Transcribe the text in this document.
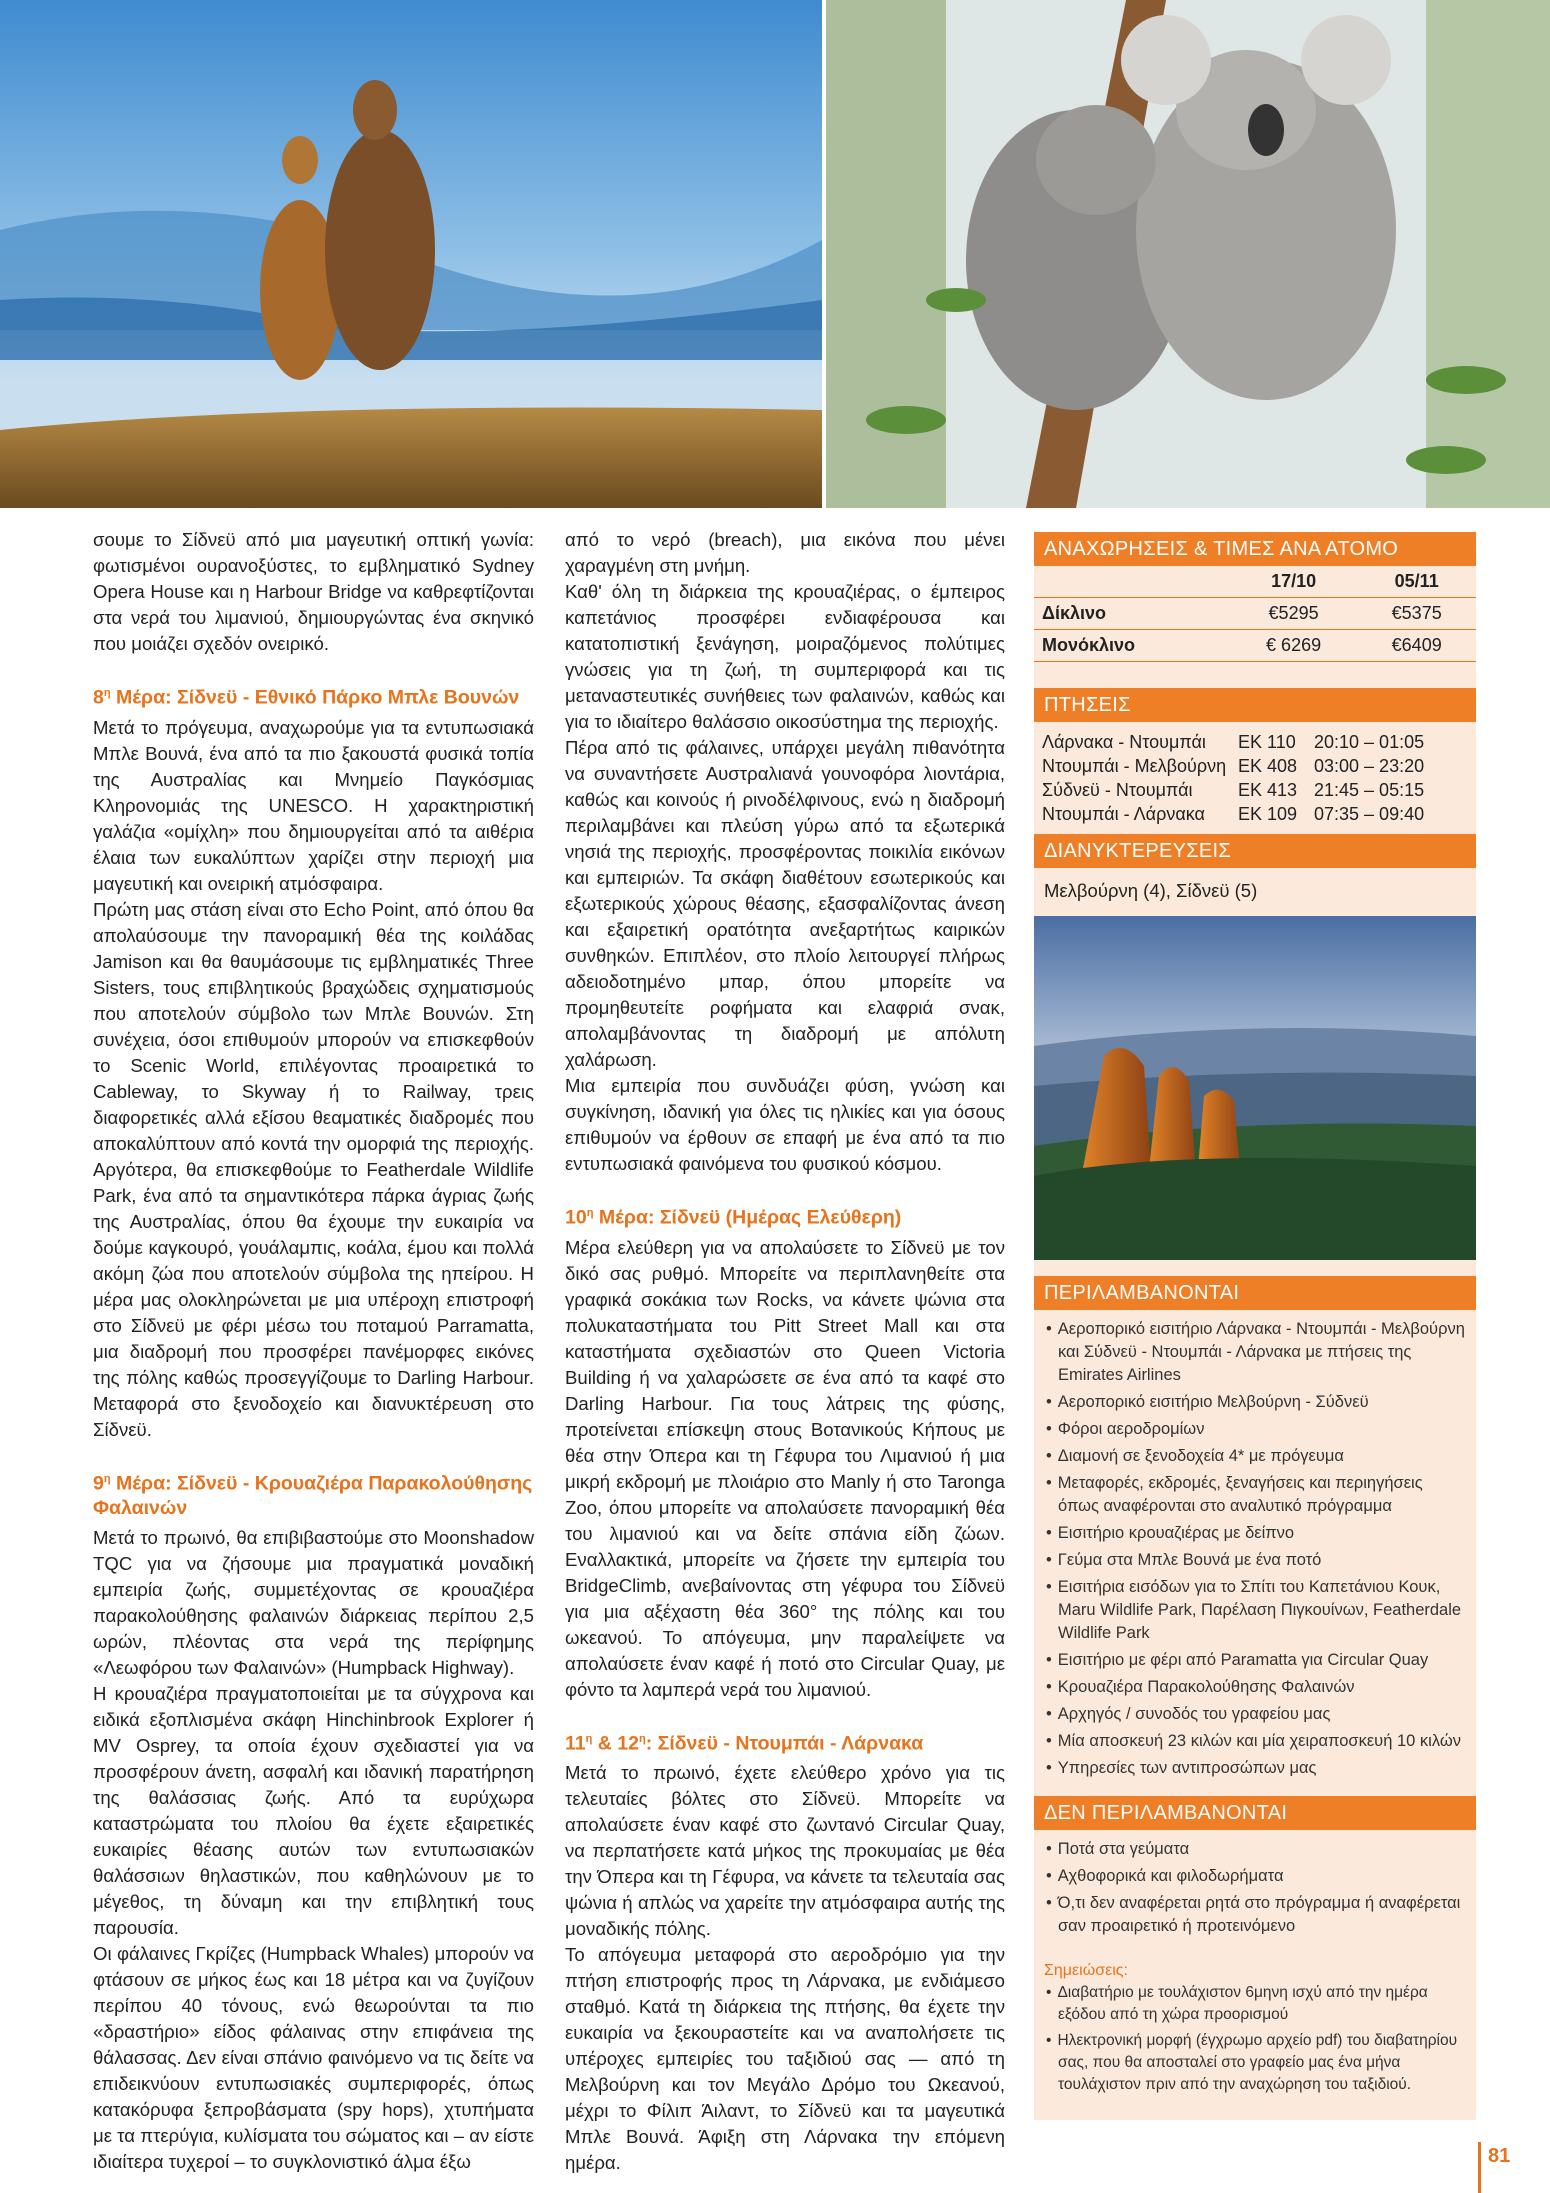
σουμε το Σίδνεϋ από μια μαγευτική οπτική γωνία: φωτισμένοι ουρανοξύστες, το εμβληματικό Sydney Opera House και η Harbour Bridge να καθρεφτίζονται στα νερά του λιμανιού, δημιουργώντας ένα σκηνικό που μοιάζει σχεδόν ονειρικό.

$8^\eta$ Μέρα: Σίδνεϋ - Εθνικό Πάρκο Μπλε Βουνών

Μετά το πρόγευμα, αναχωρούμε για τα εντυπωσιακά Μπλε Βουνά, ένα από τα πιο ξακουστά φυσικά τοπία της Αυστραλίας και Μνημείο Παγκόσμιας Κληρονομιάς της UNESCO. Η χαρακτηριστική γαλάζια «ομίχλη» που δημιουργείται από τα αιθέρια έλαια των ευκαλύπτων χαρίζει στην περιοχή μια μαγευτική και ονειρική ατμόσφαιρα.

Πρώτη μας στάση είναι στο Echo Point, από όπου θα απολαύσουμε την πανοραμική θέα της κοιλάδας Jamison και θα θαυμάσουμε τις εμβληματικές Three Sisters, τους επιβλητικούς βραχώδεις σχηματισμούς που αποτελούν σύμβολο των Μπλε Βουνών. Στη συνέχεια, όσοι επιθυμούν μπορούν να επισκεφθούν το Scenic World, επιλέγοντας προαιρετικά το Cableway, το Skyway ή το Railway, τρεις διαφορετικές αλλά εξίσου θεαματικές διαδρομές που αποκαλύπτουν από κοντά την ομορφιά της περιοχής. Αργότερα, θα επισκεφθούμε το Featherdale Wildlife Park, ένα από τα σημαντικότερα πάρκα άγριας ζωής της Αυστραλίας, όπου θα έχουμε την ευκαιρία να δούμε καγκουρό, γουάλαμπις, κοάλα, έμου και πολλά ακόμη ζώα που αποτελούν σύμβολα της ηπείρου. Η μέρα μας ολοκληρώνεται με μια υπέροχη επιστροφή στο Σίδνεϋ με φέρι μέσω του ποταμού Parramatta, μια διαδρομή που προσφέρει πανέμορφες εικόνες της πόλης καθώς προσεγγίζουμε το Darling Harbour. Μεταφορά στο ξενοδοχείο και διανυκτέρευση στο Σίδνεϋ.

$9^\eta$ Μέρα: Σίδνεϋ - Κρουαζιέρα Παρακολούθησης Φαλαινών

Μετά το πρωινό, θα επιβιβαστούμε στο Moonshadow TQC για να ζήσουμε μια πραγματικά μοναδική εμπειρία ζωής, συμμετέχοντας σε κρουαζιέρα παρακολούθησης φαλαινών διάρκειας περίπου 2,5 ωρών, πλέοντας στα νερά της περίφημης «Λεωφόρου των Φαλαινών» (Humpback Highway).

Η κρουαζιέρα πραγματοποιείται με τα σύγχρονα και ειδικά εξοπλισμένα σκάφη Hinchinbrook Explorer ή MV Osprey, τα οποία έχουν σχεδιαστεί για να προσφέρουν άνετη, ασφαλή και ιδανική παρατήρηση της θαλάσσιας ζωής. Από τα ευρύχωρα καταστρώματα του πλοίου θα έχετε εξαιρετικές ευκαιρίες θέασης αυτών των εντυπωσιακών θαλάσσιων θηλαστικών, που καθηλώνουν με το μέγεθος, τη δύναμη και την επιβλητική τους παρουσία.

Οι φάλαινες Γκρίζες (Humpback Whales) μπορούν να φτάσουν σε μήκος έως και 18 μέτρα και να ζυγίζουν περίπου 40 τόνους, ενώ θεωρούνται τα πιο «δραστήριο» είδος φάλαινας στην επιφάνεια της θάλασσας. Δεν είναι σπάνιο φαινόμενο να τις δείτε να επιδεικνύουν εντυπωσιακές συμπεριφορές, όπως κατακόρυφα ξεπροβάσματα (spy hops), χτυπήματα με τα πτερύγια, κυλίσματα του σώματος και – αν είστε ιδιαίτερα τυχεροί – το συγκλονιστικό άλμα έξω

από το νερό (breach), μια εικόνα που μένει χαραγμένη στη μνήμη.

Καθ' όλη τη διάρκεια της κρουαζιέρας, ο έμπειρος καπετάνιος προσφέρει ενδιαφέρουσα και κατατοπιστική ξενάγηση, μοιραζόμενος πολύτιμες γνώσεις για τη ζωή, τη συμπεριφορά και τις μεταναστευτικές συνήθειες των φαλαινών, καθώς και για το ιδιαίτερο θαλάσσιο οικοσύστημα της περιοχής.

Πέρα από τις φάλαινες, υπάρχει μεγάλη πιθανότητα να συναντήσετε Αυστραλιανά γουνοφόρα λιοντάρια, καθώς και κοινούς ή ρινοδέλφινους, ενώ η διαδρομή περιλαμβάνει και πλεύση γύρω από τα εξωτερικά νησιά της περιοχής, προσφέροντας ποικιλία εικόνων και εμπειριών. Τα σκάφη διαθέτουν εσωτερικούς και εξωτερικούς χώρους θέασης, εξασφαλίζοντας άνεση και εξαιρετική ορατότητα ανεξαρτήτως καιρικών συνθηκών. Επιπλέον, στο πλοίο λειτουργεί πλήρως αδειοδοτημένο μπαρ, όπου μπορείτε να προμηθευτείτε ροφήματα και ελαφριά σνακ, απολαμβάνοντας τη διαδρομή με απόλυτη χαλάρωση.

Μια εμπειρία που συνδυάζει φύση, γνώση και συγκίνηση, ιδανική για όλες τις ηλικίες και για όσους επιθυμούν να έρθουν σε επαφή με ένα από τα πιο εντυπωσιακά φαινόμενα του φυσικού κόσμου.

$10^\eta$ Μέρα: Σίδνεϋ (Ημέρας Ελεύθερη)

Μέρα ελεύθερη για να απολαύσετε το Σίδνεϋ με τον δικό σας ρυθμό. Μπορείτε να περιπλανηθείτε στα γραφικά σοκάκια των Rocks, να κάνετε ψώνια στα πολυκαταστήματα του Pitt Street Mall και στα καταστήματα σχεδιαστών στο Queen Victoria Building ή να χαλαρώσετε σε ένα από τα καφέ στο Darling Harbour. Για τους λάτρεις της φύσης, προτείνεται επίσκεψη στους Βοτανικούς Κήπους με θέα στην Όπερα και τη Γέφυρα του Λιμανιού ή μια μικρή εκδρομή με πλοιάριο στο Manly ή στο Taronga Zoo, όπου μπορείτε να απολαύσετε πανοραμική θέα του λιμανιού και να δείτε σπάνια είδη ζώων. Εναλλακτικά, μπορείτε να ζήσετε την εμπειρία του BridgeClimb, ανεβαίνοντας στη γέφυρα του Σίδνεϋ για μια αξέχαστη θέα 360° της πόλης και του ωκεανού. Το απόγευμα, μην παραλείψετε να απολαύσετε έναν καφέ ή ποτό στο Circular Quay, με φόντο τα λαμπερά νερά του λιμανιού.

$11^\eta$ & $12^\eta$: Σίδνεϋ - Ντουμπάι - Λάρνακα

Μετά το πρωινό, έχετε ελεύθερο χρόνο για τις τελευταίες βόλτες στο Σίδνεϋ. Μπορείτε να απολαύσετε έναν καφέ στο ζωντανό Circular Quay, να περπατήσετε κατά μήκος της προκυμαίας με θέα την Όπερα και τη Γέφυρα, να κάνετε τα τελευταία σας ψώνια ή απλώς να χαρείτε την ατμόσφαιρα αυτής της μοναδικής πόλης.

Το απόγευμα μεταφορά στο αεροδρόμιο για την πτήση επιστροφής προς τη Λάρνακα, με ενδιάμεσο σταθμό. Κατά τη διάρκεια της πτήσης, θα έχετε την ευκαιρία να ξεκουραστείτε και να αναπολήσετε τις υπέροχες εμπειρίες του ταξιδιού σας — από τη Μελβούρνη και τον Μεγάλο Δρόμο του Ωκεανού, μέχρι το Φίλιπ Άιλαντ, το Σίδνεϋ και τα μαγευτικά Μπλε Βουνά. Άφιξη στη Λάρνακα την επόμενη ημέρα.

ΑΝΑΧΩΡΗΣΕΙΣ & ΤΙΜΕΣ ΑΝΑ ΑΤΟΜΟ
	17/10	05/11
Δίκλινο	€5295	€5375
Μονόκλινο	€ 6269	€6409
ΠΤΗΣΕΙΣ
Λάρνακα - Ντουμπάι	EK 110	20:10 – 01:05
Ντουμπάι - Μελβούρνη EK 408 03:00 – 23:20
Σύδνεϋ - Ντουμπάι	EK 413 21:45 – 05:15
Ντουμπάι - Λάρνακα	EK 109 07:35 – 09:40
ΔΙΑΝΥΚΤΕΡΕΥΣΕΙΣ
Μελβούρνη (4), Σίδνεϋ (5)
ΠΕΡΙΛΑΜΒΑΝΟΝΤΑΙ
• Αεροπορικό εισιτήριο Λάρνακα - Ντουμπάι - Μελβούρνη και Σύδνεϋ - Ντουμπάι - Λάρνακα με πτήσεις της Emirates Airlines
• Αεροπορικό εισιτήριο Μελβούρνη - Σύδνεϋ
• Φόροι αεροδρομίων
• Διαμονή σε ξενοδοχεία 4* με πρόγευμα
• Μεταφορές, εκδρομές, ξεναγήσεις και περιηγήσεις όπως αναφέρονται στο αναλυτικό πρόγραμμα
• Εισιτήριο κρουαζιέρας με δείπνο
• Γεύμα στα Μπλε Βουνά με ένα ποτό
• Εισιτήρια εισόδων για το Σπίτι του Καπετάνιου Κουκ, Maru Wildlife Park, Παρέλαση Πιγκουίνων, Featherdale Wildlife Park
• Εισιτήριο με φέρι από Paramatta για Circular Quay
• Κρουαζιέρα Παρακολούθησης Φαλαινών
• Αρχηγός / συνοδός του γραφείου μας
• Μία αποσκευή 23 κιλών και μία χειραποσκευή 10 κιλών
• Υπηρεσίες των αντιπροσώπων μας
ΔΕΝ ΠΕΡΙΛΑΜΒΑΝΟΝΤΑΙ
• Ποτά στα γεύματα
• Αχθοφορικά και φιλοδωρήματα
• Ό,τι δεν αναφέρεται ρητά στο πρόγραμμα ή αναφέρεται σαν προαιρετικό ή προτεινόμενο
Σημειώσεις:
• Διαβατήριο με τουλάχιστον 6μηνη ισχύ από την ημέρα εξόδου από τη χώρα προορισμού
• Ηλεκτρονική μορφή (έγχρωμο αρχείο pdf) του διαβατηρίου σας, που θα αποσταλεί στο γραφείο μας ένα μήνα τουλάχιστον πριν από την αναχώρηση του ταξιδιού.
81
